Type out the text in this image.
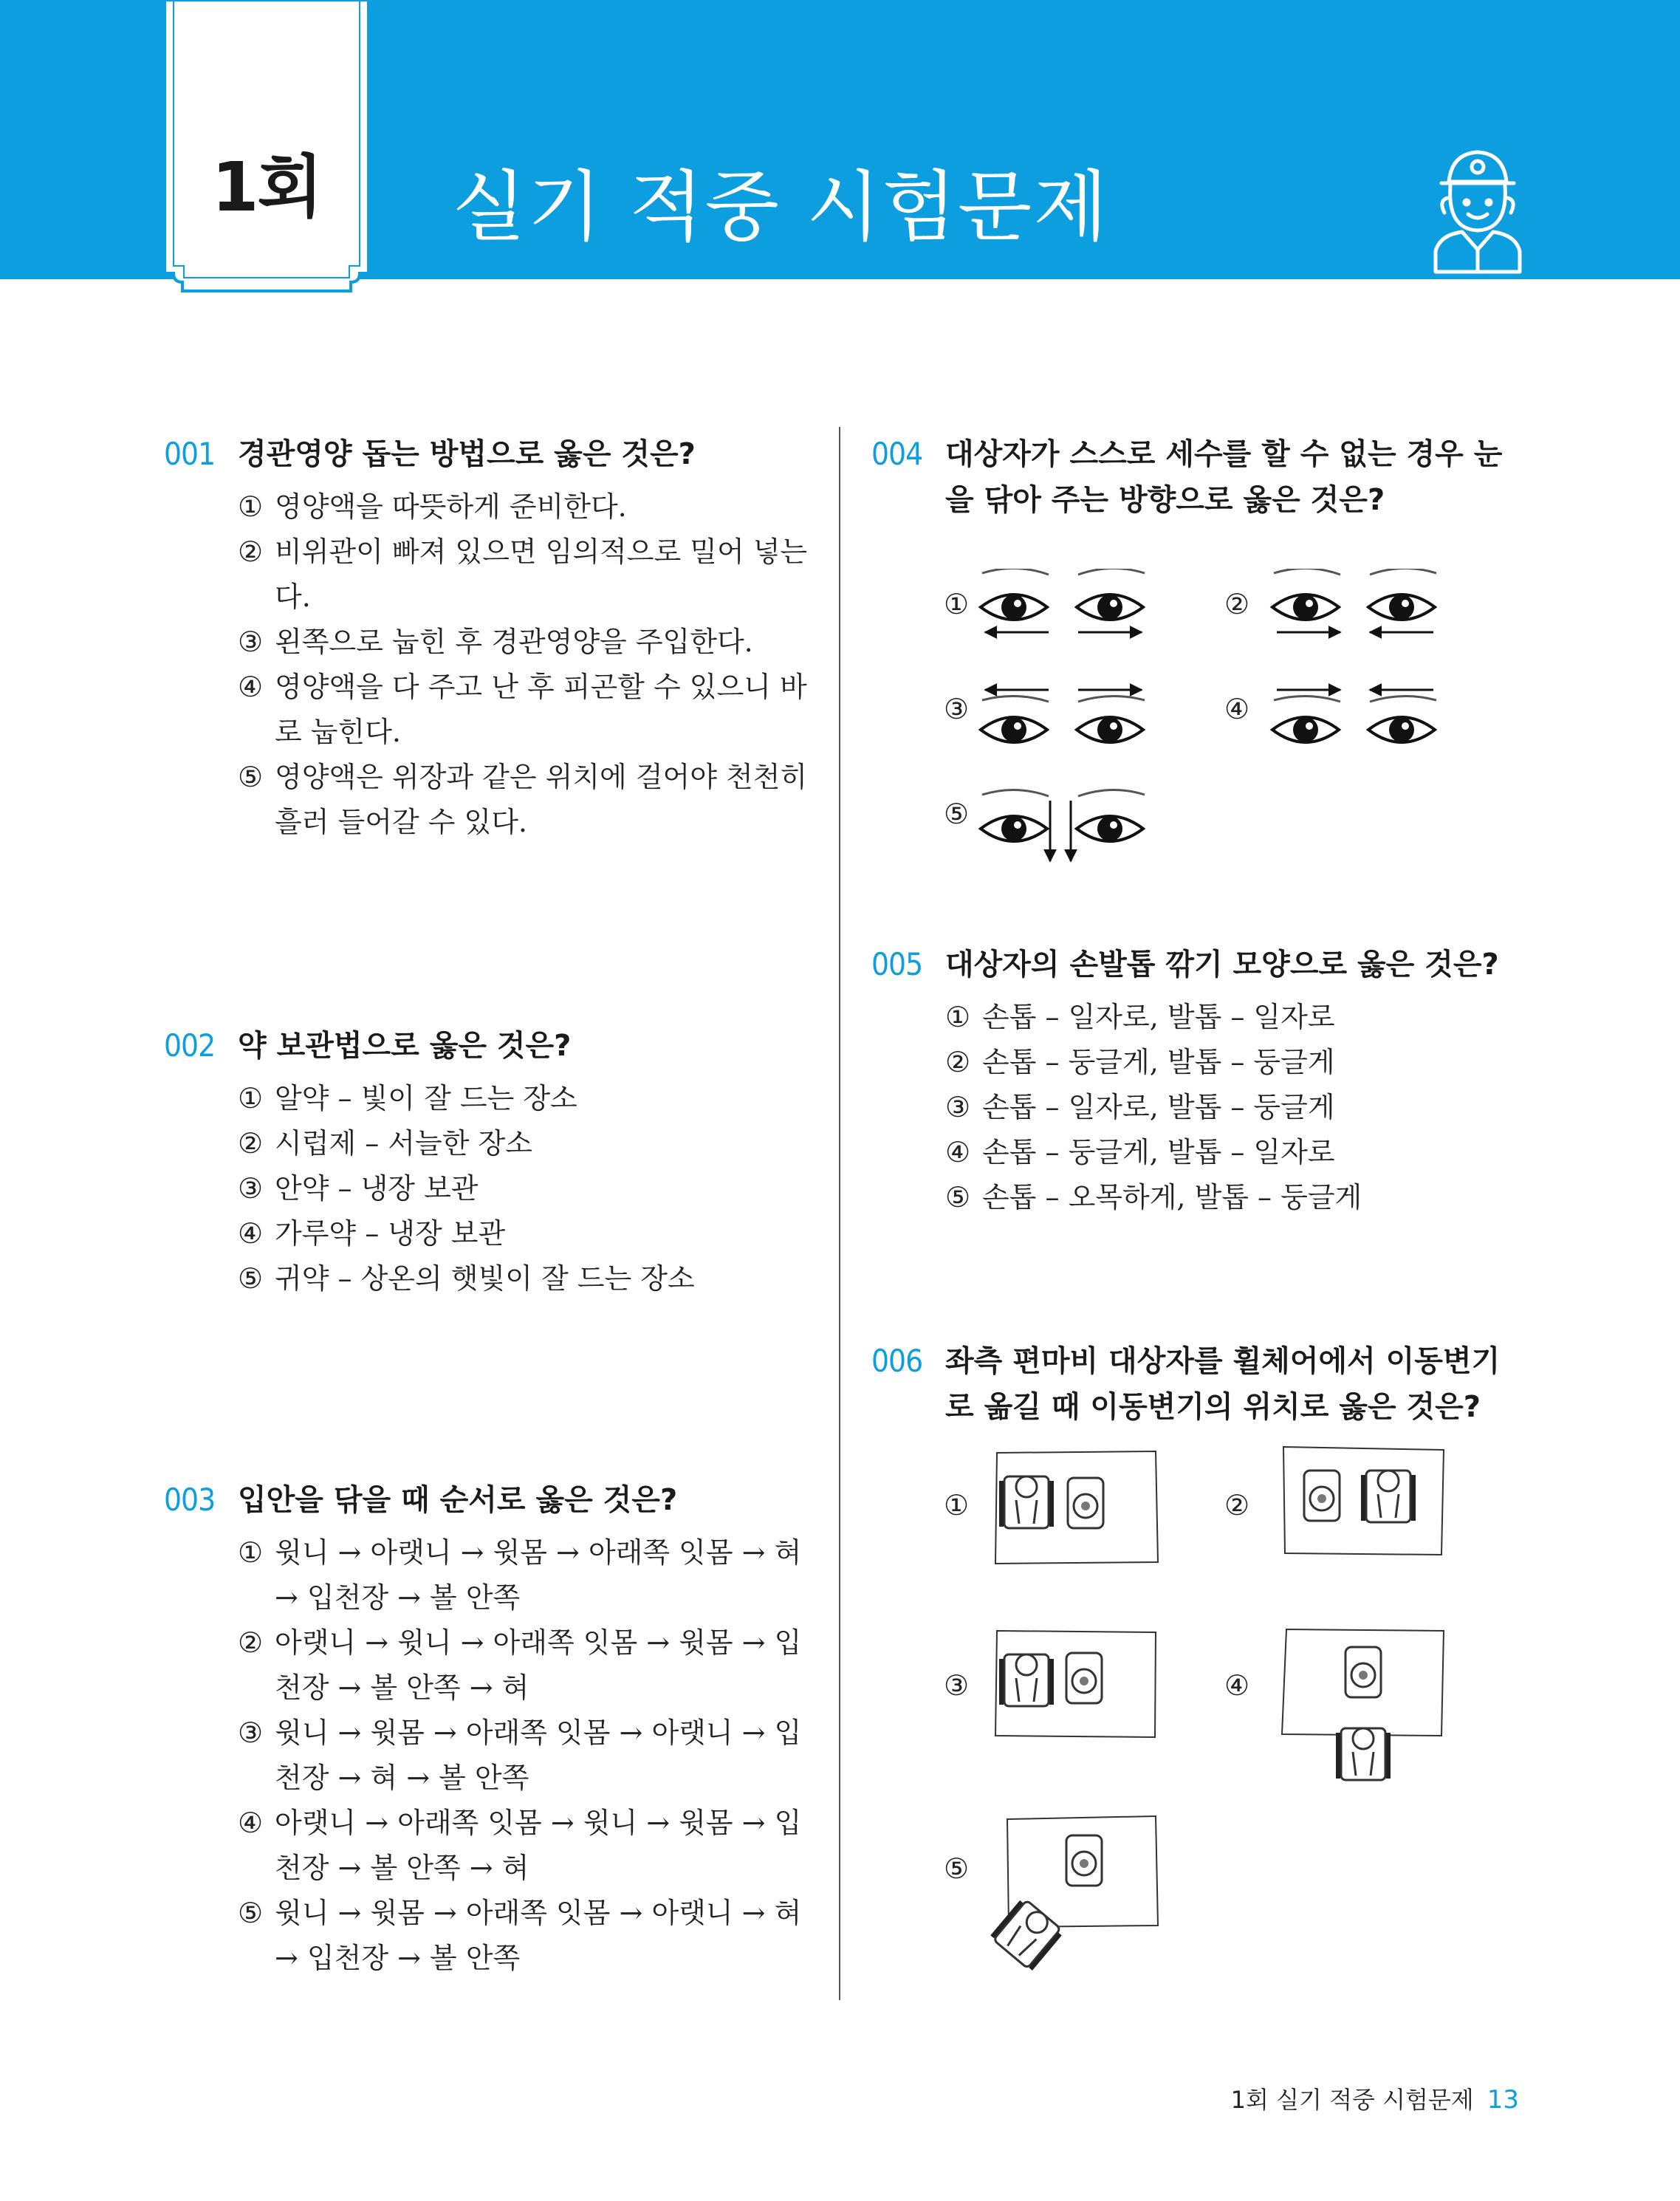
1회	실기 적중 시험문제
001 경관영양 돕는 방법으로 옳은 것은?
① 영양액을 따뜻하게 준비한다.
② 비위관이 빠져 있으면 임의적으로 밀어 넣는다.
③ 왼쪽으로 눕힌 후 경관영양을 주입한다.
④ 영양액을 다 주고 난 후 피곤할 수 있으니 바로 눕힌다.
⑤ 영양액은 위장과 같은 위치에 걸어야 천천히 흘러 들어갈 수 있다.
002 약 보관법으로 옳은 것은?
① 알약 – 빛이 잘 드는 장소
② 시럽제 – 서늘한 장소
③ 안약 – 냉장 보관
④ 가루약 – 냉장 보관
⑤ 귀약 – 상온의 햇빛이 잘 드는 장소
003 입안을 닦을 때 순서로 옳은 것은?
① 윗니 → 아랫니 → 윗몸 → 아래쪽 잇몸 → 혀 → 입천장 → 볼 안쪽
② 아랫니 → 윗니 → 아래쪽 잇몸 → 윗몸 → 입천장 → 볼 안쪽 → 혀
③ 윗니 → 윗몸 → 아래쪽 잇몸 → 아랫니 → 입천장 → 혀 → 볼 안쪽
④ 아랫니 → 아래쪽 잇몸 → 윗니 → 윗몸 → 입천장 → 볼 안쪽 → 혀
⑤ 윗니 → 윗몸 → 아래쪽 잇몸 → 아랫니 → 혀 → 입천장 → 볼 안쪽
004 대상자가 스스로 세수를 할 수 없는 경우 눈을 닦아 주는 방향으로 옳은 것은?
①	②
③	④
⑤
005 대상자의 손발톱 깎기 모양으로 옳은 것은?
① 손톱 – 일자로, 발톱 – 일자로
② 손톱 – 둥글게, 발톱 – 둥글게
③ 손톱 – 일자로, 발톱 – 둥글게
④ 손톱 – 둥글게, 발톱 – 일자로
⑤ 손톱 – 오목하게, 발톱 – 둥글게
006 좌측 편마비 대상자를 휠체어에서 이동변기로 옮길 때 이동변기의 위치로 옳은 것은?
①	②
③	④
⑤
1회 실기 적중 시험문제 13
